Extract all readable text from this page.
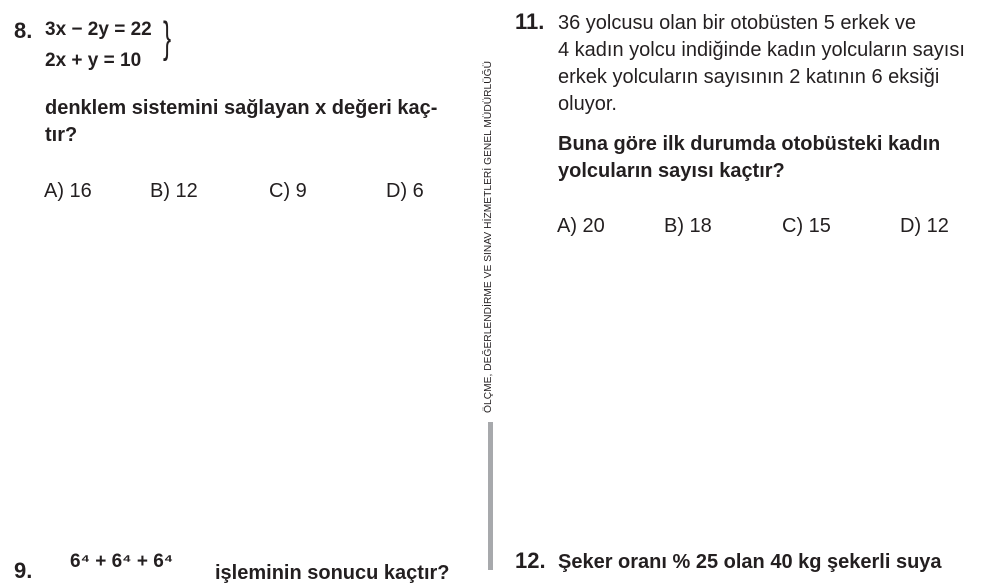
8. 3x − 2y = 22
2x + y = 10 }
denklem sistemini sağlayan x değeri kaç-
tır?
A) 16	B) 12	C) 9	D) 6
9. 6⁴ + 6⁴ + 6⁴
işleminin sonucu kaçtır?
ÖLÇME, DEĞERLENDİRME VE SINAV HİZMETLERİ GENEL MÜDÜRLÜĞÜ
11. 36 yolcusu olan bir otobüsten 5 erkek ve
4 kadın yolcu indiğinde kadın yolcuların sayısı
erkek yolcuların sayısının 2 katının 6 eksiği
oluyor.
Buna göre ilk durumda otobüsteki kadın
yolcuların sayısı kaçtır?
A) 20	B) 18	C) 15	D) 12
12. Şeker oranı % 25 olan 40 kg şekerli suya
